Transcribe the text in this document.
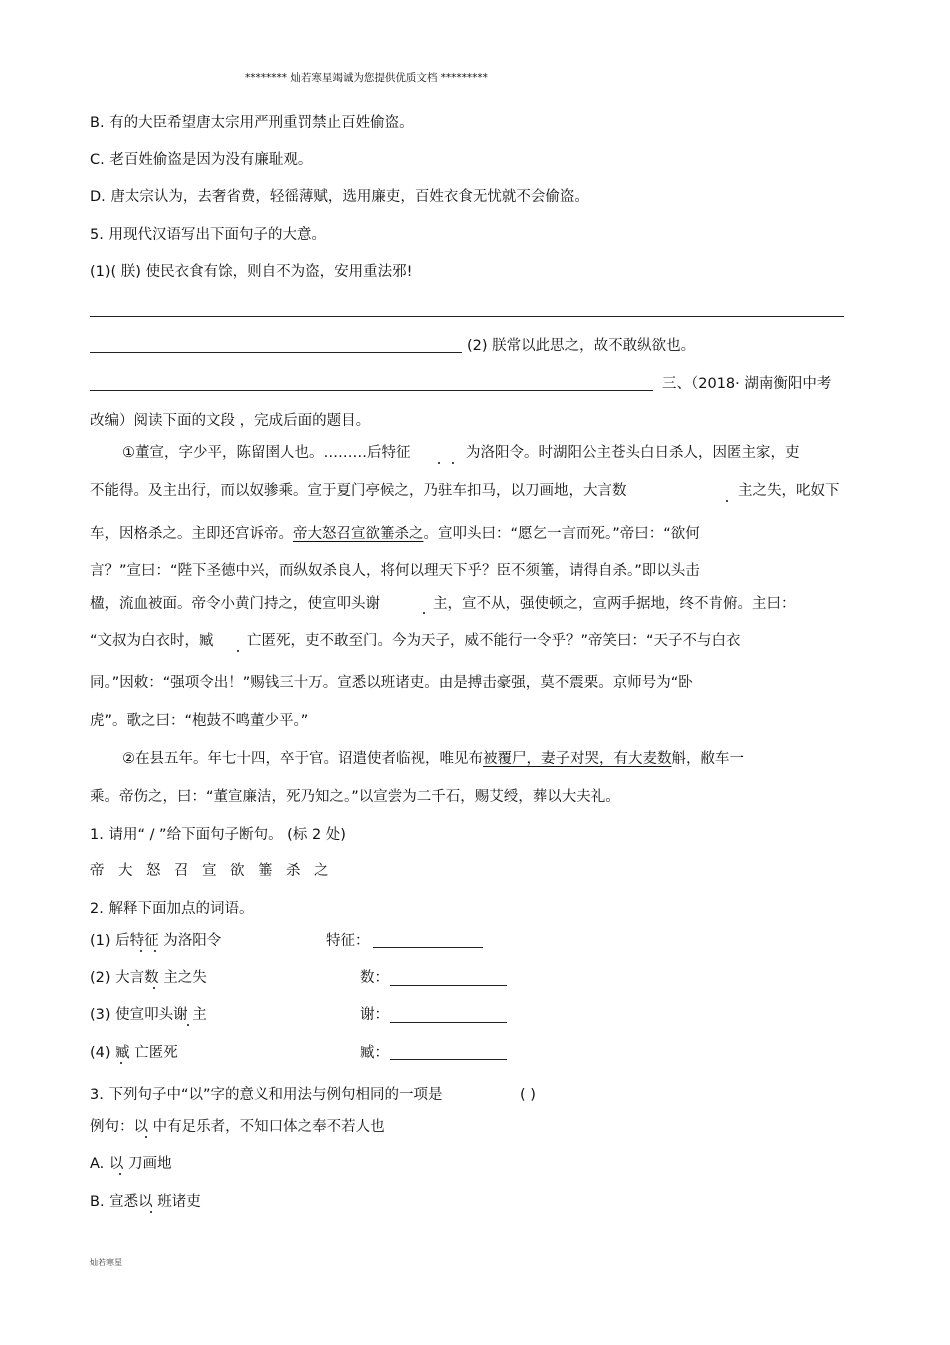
******** 灿若寒星竭诚为您提供优质文档 *********
B. 有的大臣希望唐太宗用严刑重罚禁止百姓偷盗。
C. 老百姓偷盗是因为没有廉耻观。
D. 唐太宗认为，去奢省费，轻徭薄赋，选用廉吏，百姓衣食无忧就不会偷盗。
5. 用现代汉语写出下面句子的大意。
(1)( 朕) 使民衣食有馀，则自不为盗，安用重法邪!
(2) 朕常以此思之，故不敢纵欲也。
三、（2018· 湖南衡阳中考
改编）阅读下面的文段 ，完成后面的题目。
①董宣，字少平，陈留圉人也。………后特征	为洛阳令。时湖阳公主苍头白日杀人，因匿主家，吏
不能得。及主出行，而以奴骖乘。宣于夏门亭候之，乃驻车扣马，以刀画地，大言数	主之失，叱奴下
车，因格杀之。主即还宫诉帝。帝大怒召宣欲箠杀之。宣叩头曰：“愿乞一言而死。”帝曰：“欲何
言？”宣曰：“陛下圣德中兴，而纵奴杀良人，将何以理天下乎？臣不须箠，请得自杀。”即以头击
楹，流血被面。帝令小黄门持之，使宣叩头谢	主，宣不从，强使顿之，宣两手据地，终不肯俯。主曰：
“文叔为白衣时，臧 亡匿死，吏不敢至门。今为天子，威不能行一令乎？”帝笑曰：“天子不与白衣
同。”因敕：“强项令出！”赐钱三十万。宣悉以班诸吏。由是搏击豪强，莫不震栗。京师号为“卧
虎”。歌之曰：“枹鼓不鸣董少平。”
②在县五年。年七十四，卒于官。诏遣使者临视，唯见布被覆尸，妻子对哭，有大麦数斛，敝车一
乘。帝伤之，曰：“董宣廉洁，死乃知之。”以宣尝为二千石，赐艾绶，葬以大夫礼。
1. 请用“ / ”给下面句子断句。 (标 2 处)
帝大怒召宣欲箠杀之
2. 解释下面加点的词语。
(1) 后特征 为洛阳令	特征：
(2) 大言数 主之失	数：
(3) 使宣叩头谢 主	谢：
(4) 臧 亡匿死	臧：
3. 下列句子中“以”字的意义和用法与例句相同的一项是	( )
例句：以 中有足乐者，不知口体之奉不若人也
A. 以 刀画地
B. 宣悉以 班诸吏
灿若寒星
